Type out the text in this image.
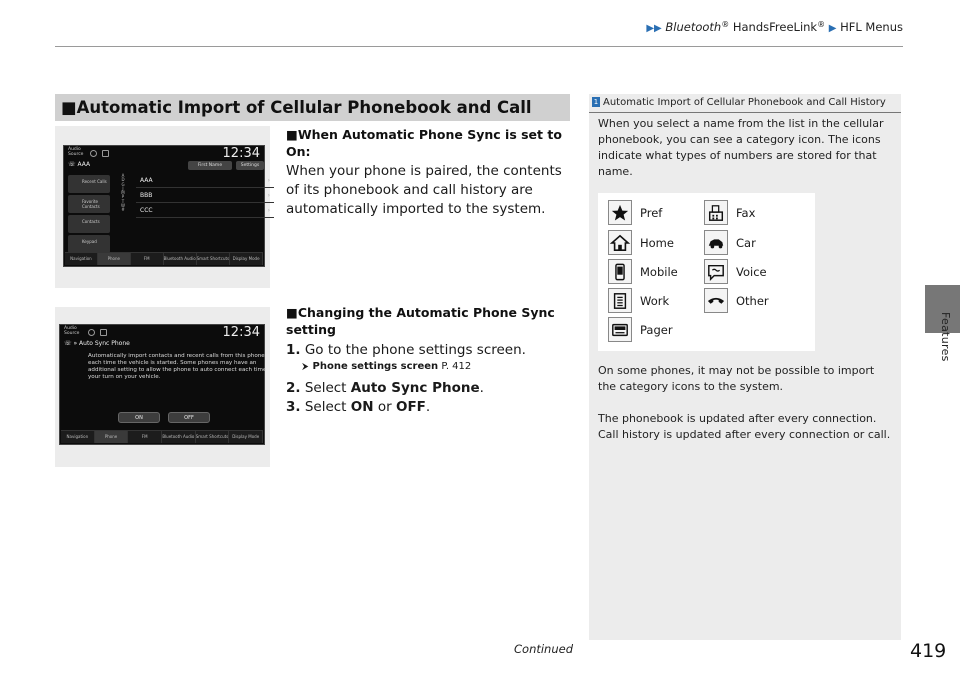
▶▶ Bluetooth® HandsFreeLink® ▶ HFL Menus
Features
■Automatic Import of Cellular Phonebook and Call
Audio Source	12:34
☏ AAA	First Name	Settings
Recent Calls
Favorite Contacts
Contacts
Keypad
A
D
G
J
M
P
T
W
#
AAA	›
BBB	›
CCC	›
Navigation	Phone	FM	Bluetooth Audio Smart Shortcuts Display Mode
Audio Source	12:34
☏ » Auto Sync Phone
Automatically import contacts and recent calls from this phone each time the vehicle is started. Some phones may have an additional setting to allow the phone to auto connect each time your turn on your vehicle.
ON	OFF
Navigation	Phone	FM	Bluetooth Audio Smart Shortcuts Display Mode
■When Automatic Phone Sync is set to On:
When your phone is paired, the contents of its phonebook and call history are automatically imported to the system.
■Changing the Automatic Phone Sync setting
1. Go to the phone settings screen.
⮞ Phone settings screen P. 412
2. Select Auto Sync Phone.
3. Select ON or OFF.
1 Automatic Import of Cellular Phonebook and Call History
When you select a name from the list in the cellular phonebook, you can see a category icon. The icons indicate what types of numbers are stored for that name.
Pref	Fax
Home	Car
Mobile	Voice
Work	Other
Pager
On some phones, it may not be possible to import the category icons to the system.
The phonebook is updated after every connection. Call history is updated after every connection or call.
Continued	419
